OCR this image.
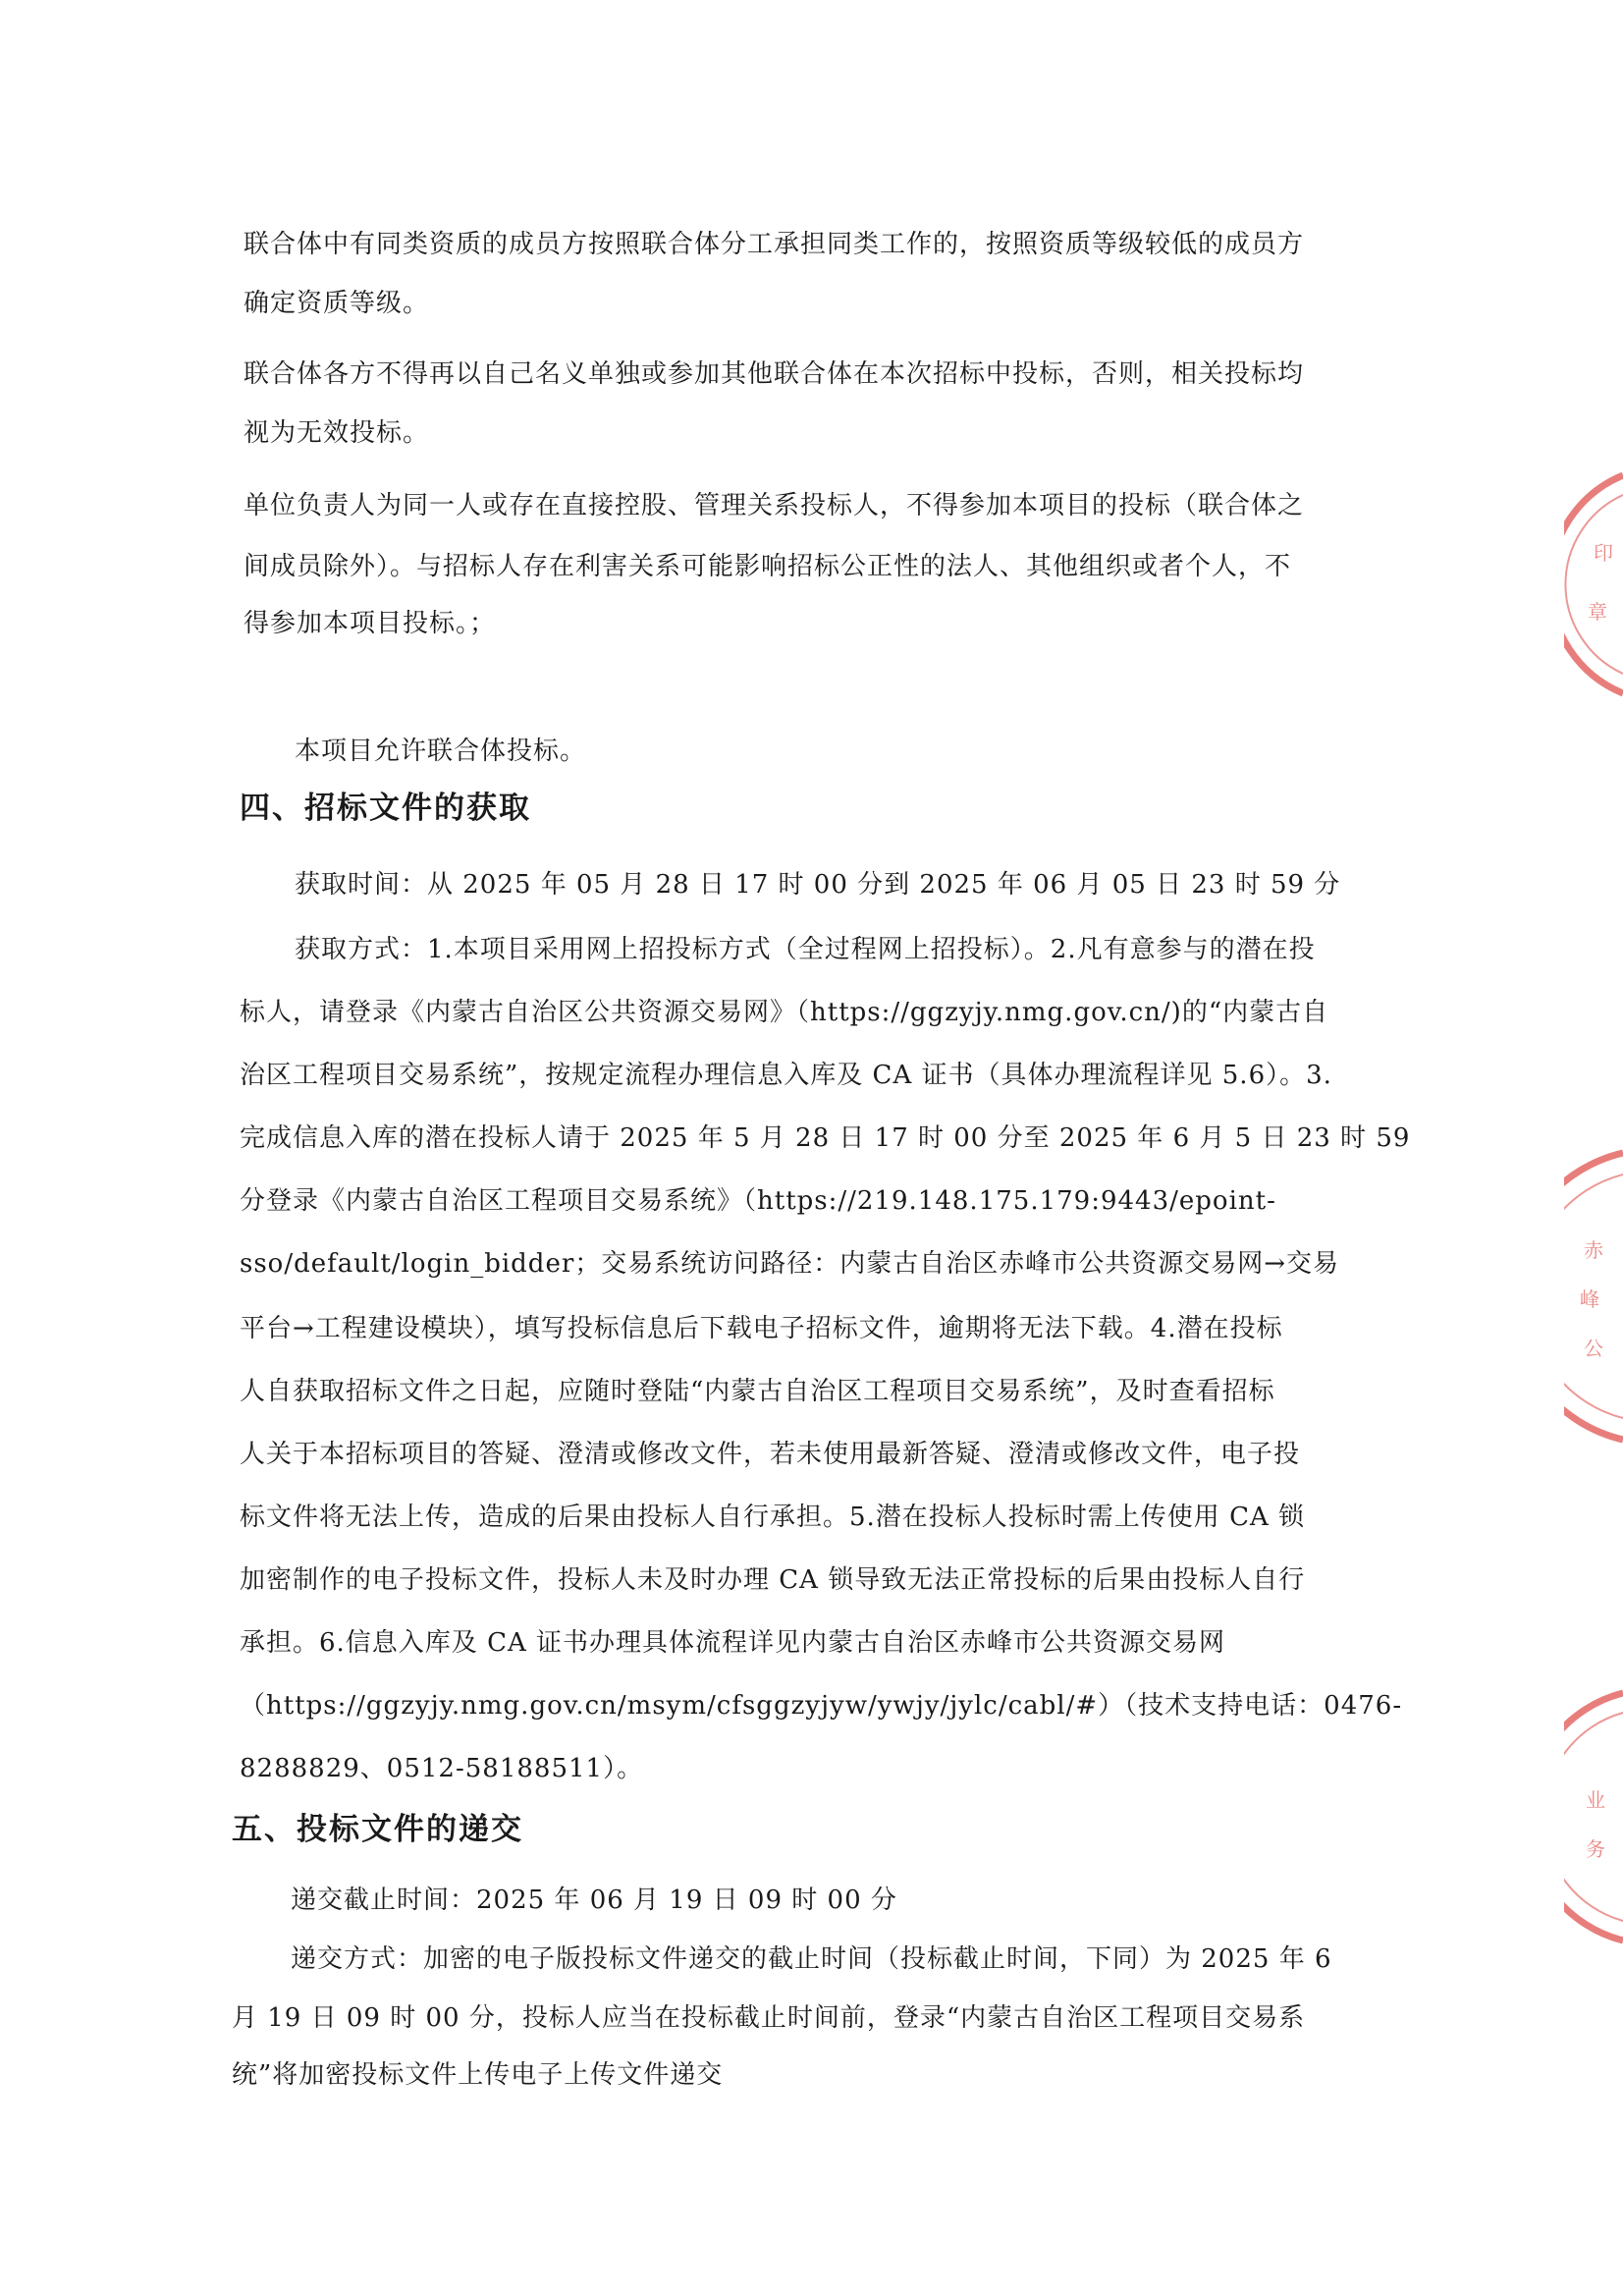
联合体中有同类资质的成员方按照联合体分工承担同类工作的，按照资质等级较低的成员方
确定资质等级。
联合体各方不得再以自己名义单独或参加其他联合体在本次招标中投标，否则，相关投标均
视为无效投标。
单位负责人为同一人或存在直接控股、管理关系投标人，不得参加本项目的投标（联合体之
间成员除外）。与招标人存在利害关系可能影响招标公正性的法人、其他组织或者个人，不
得参加本项目投标。；
本项目允许联合体投标。
四、招标文件的获取
获取时间：从 2025 年 05 月 28 日 17 时 00 分到 2025 年 06 月 05 日 23 时 59 分
获取方式：1.本项目采用网上招投标方式（全过程网上招投标）。2.凡有意参与的潜在投
标人，请登录《内蒙古自治区公共资源交易网》（https://ggzyjy.nmg.gov.cn/)的“内蒙古自
治区工程项目交易系统”，按规定流程办理信息入库及 CA 证书（具体办理流程详见 5.6）。3.
完成信息入库的潜在投标人请于 2025 年 5 月 28 日 17 时 00 分至 2025 年 6 月 5 日 23 时 59
分登录《内蒙古自治区工程项目交易系统》（https://219.148.175.179:9443/epoint-
sso/default/login_bidder；交易系统访问路径：内蒙古自治区赤峰市公共资源交易网→交易
平台→工程建设模块），填写投标信息后下载电子招标文件，逾期将无法下载。4.潜在投标
人自获取招标文件之日起，应随时登陆“内蒙古自治区工程项目交易系统”，及时查看招标
人关于本招标项目的答疑、澄清或修改文件，若未使用最新答疑、澄清或修改文件，电子投
标文件将无法上传，造成的后果由投标人自行承担。5.潜在投标人投标时需上传使用 CA 锁
加密制作的电子投标文件，投标人未及时办理 CA 锁导致无法正常投标的后果由投标人自行
承担。6.信息入库及 CA 证书办理具体流程详见内蒙古自治区赤峰市公共资源交易网
（https://ggzyjy.nmg.gov.cn/msym/cfsggzyjyw/ywjy/jylc/cabl/#）（技术支持电话：0476-
8288829、0512-58188511）。
五、投标文件的递交
递交截止时间：2025 年 06 月 19 日 09 时 00 分
递交方式：加密的电子版投标文件递交的截止时间（投标截止时间，下同）为 2025 年 6
月 19 日 09 时 00 分，投标人应当在投标截止时间前，登录“内蒙古自治区工程项目交易系
统”将加密投标文件上传电子上传文件递交
印
章
赤
峰
公
业
务
